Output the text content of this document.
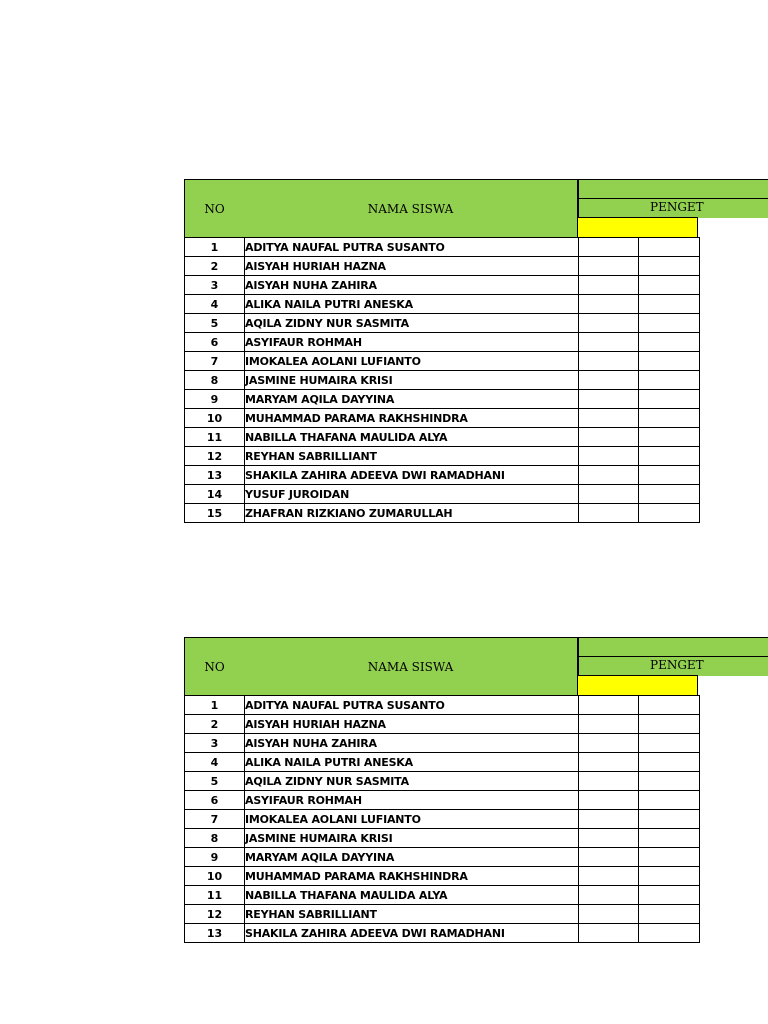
NO	NAMA SISWA	PENGET
1	ADITYA NAUFAL PUTRA SUSANTO		
2	AISYAH HURIAH HAZNA		
3	AISYAH NUHA ZAHIRA		
4	ALIKA NAILA PUTRI ANESKA		
5	AQILA ZIDNY NUR SASMITA		
6	ASYIFAUR ROHMAH		
7	IMOKALEA AOLANI LUFIANTO		
8	JASMINE HUMAIRA KRISI		
9	MARYAM AQILA DAYYINA		
10	MUHAMMAD PARAMA RAKHSHINDRA		
11	NABILLA THAFANA MAULIDA ALYA		
12	REYHAN SABRILLIANT		
13	SHAKILA ZAHIRA ADEEVA DWI RAMADHANI		
14	YUSUF JUROIDAN		
15	ZHAFRAN RIZKIANO ZUMARULLAH		
NO	NAMA SISWA	PENGET
1	ADITYA NAUFAL PUTRA SUSANTO		
2	AISYAH HURIAH HAZNA		
3	AISYAH NUHA ZAHIRA		
4	ALIKA NAILA PUTRI ANESKA		
5	AQILA ZIDNY NUR SASMITA		
6	ASYIFAUR ROHMAH		
7	IMOKALEA AOLANI LUFIANTO		
8	JASMINE HUMAIRA KRISI		
9	MARYAM AQILA DAYYINA		
10	MUHAMMAD PARAMA RAKHSHINDRA		
11	NABILLA THAFANA MAULIDA ALYA		
12	REYHAN SABRILLIANT		
13	SHAKILA ZAHIRA ADEEVA DWI RAMADHANI		
